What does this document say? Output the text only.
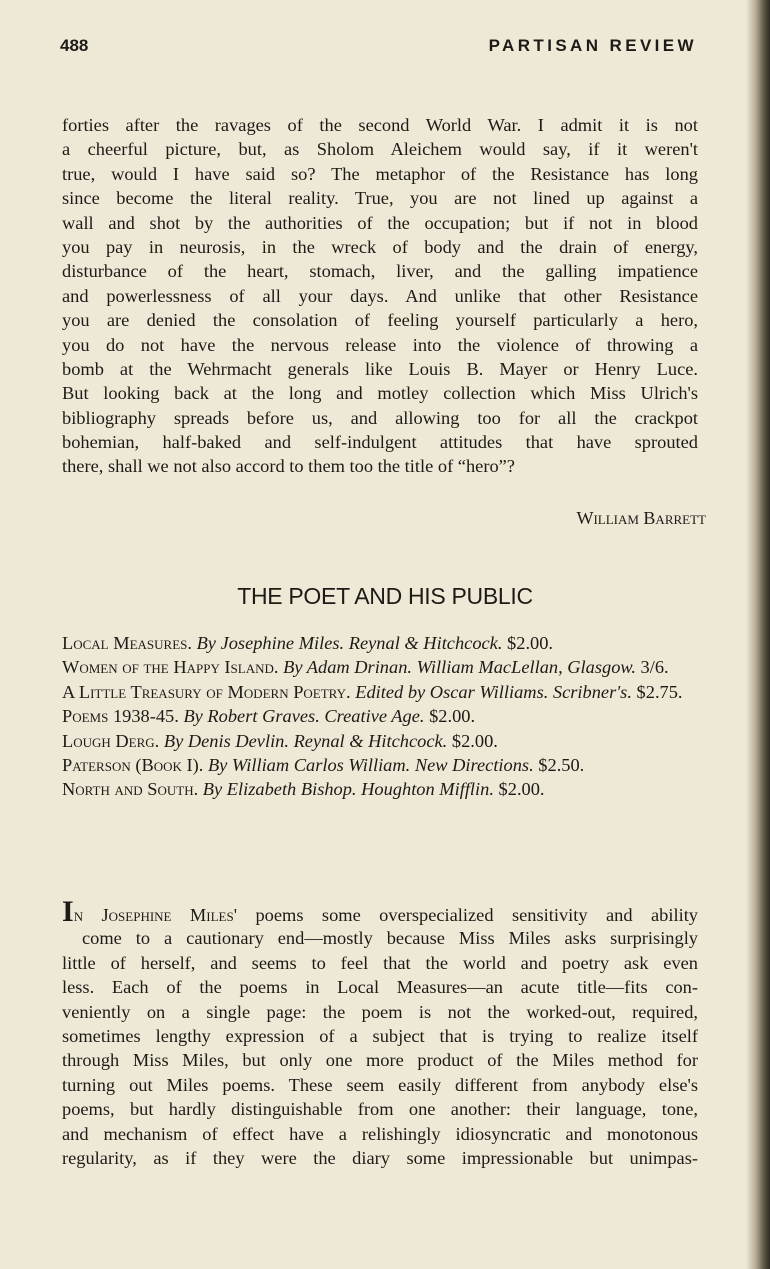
488	PARTISAN REVIEW
forties after the ravages of the second World War. I admit it is not
a cheerful picture, but, as Sholom Aleichem would say, if it weren't
true, would I have said so? The metaphor of the Resistance has long
since become the literal reality. True, you are not lined up against a
wall and shot by the authorities of the occupation; but if not in blood
you pay in neurosis, in the wreck of body and the drain of energy,
disturbance of the heart, stomach, liver, and the galling impatience
and powerlessness of all your days. And unlike that other Resistance
you are denied the consolation of feeling yourself particularly a hero,
you do not have the nervous release into the violence of throwing a
bomb at the Wehrmacht generals like Louis B. Mayer or Henry Luce.
But looking back at the long and motley collection which Miss Ulrich's
bibliography spreads before us, and allowing too for all the crackpot
bohemian, half-baked and self-indulgent attitudes that have sprouted
there, shall we not also accord to them too the title of “hero”?
William Barrett
THE POET AND HIS PUBLIC
Local Measures. By Josephine Miles. Reynal & Hitchcock. $2.00.
Women of the Happy Island. By Adam Drinan. William MacLellan, Glasgow. 3/6.
A Little Treasury of Modern Poetry. Edited by Oscar Williams. Scribner's. $2.75.
Poems 1938-45. By Robert Graves. Creative Age. $2.00.
Lough Derg. By Denis Devlin. Reynal & Hitchcock. $2.00.
Paterson (Book I). By William Carlos William. New Directions. $2.50.
North and South. By Elizabeth Bishop. Houghton Mifflin. $2.00.
In Josephine Miles' poems some overspecialized sensitivity and ability
come to a cautionary end—mostly because Miss Miles asks surprisingly
little of herself, and seems to feel that the world and poetry ask even
less. Each of the poems in Local Measures—an acute title—fits con-
veniently on a single page: the poem is not the worked-out, required,
sometimes lengthy expression of a subject that is trying to realize itself
through Miss Miles, but only one more product of the Miles method for
turning out Miles poems. These seem easily different from anybody else's
poems, but hardly distinguishable from one another: their language, tone,
and mechanism of effect have a relishingly idiosyncratic and monotonous
regularity, as if they were the diary some impressionable but unimpas-
